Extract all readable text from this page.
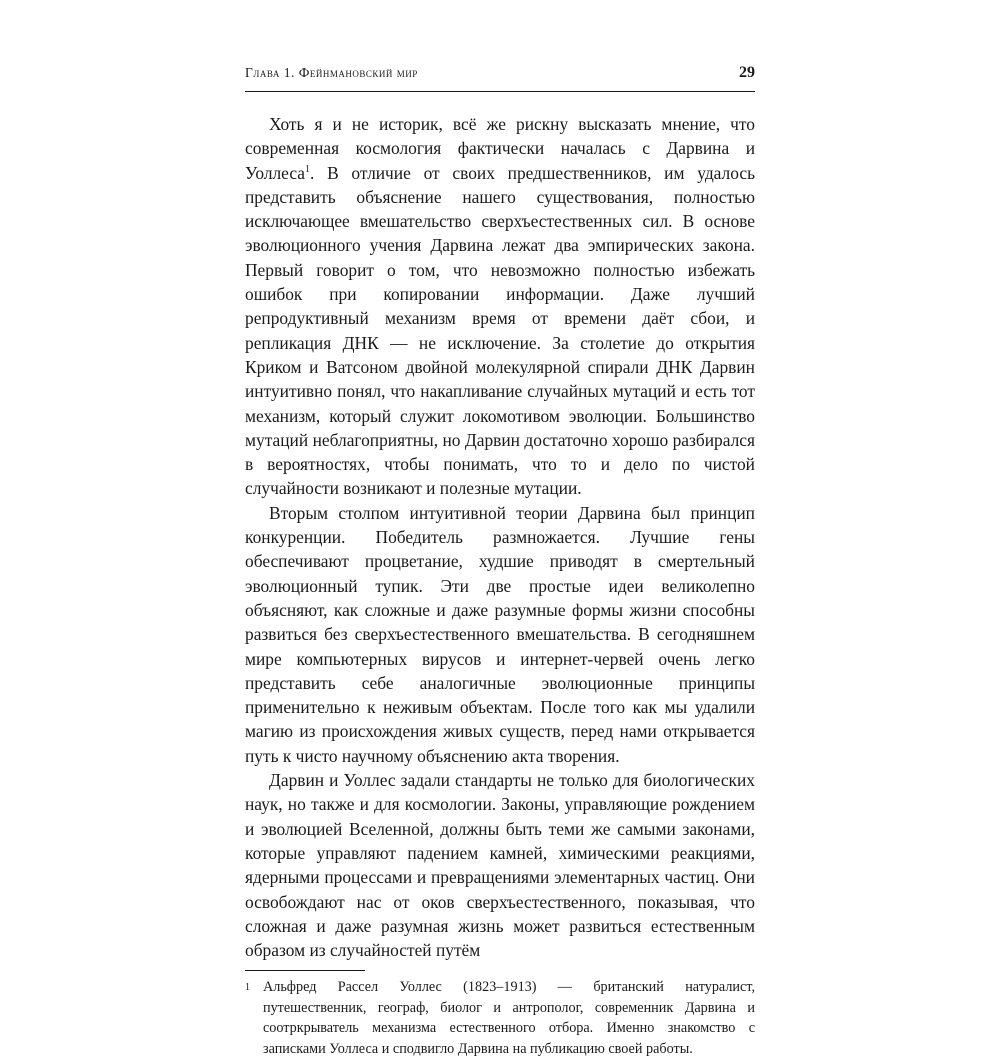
Глава 1. Фейнмановский мир	29

Хоть я и не историк, всё же рискну высказать мнение, что современная космология фактически началась с Дарвина и Уоллеса$^1$. В отличие от своих предшественников, им удалось представить объяснение нашего существования, полностью исключающее вмешательство сверхъестественных сил. В основе эволюционного учения Дарвина лежат два эмпирических закона. Первый говорит о том, что невозможно полностью избежать ошибок при копировании информации. Даже лучший репродуктивный механизм время от времени даёт сбои, и репликация ДНК — не исключение. За столетие до открытия Криком и Ватсоном двойной молекулярной спирали ДНК Дарвин интуитивно понял, что накапливание случайных мутаций и есть тот механизм, который служит локомотивом эволюции. Большинство мутаций неблагоприятны, но Дарвин достаточно хорошо разбирался в вероятностях, чтобы понимать, что то и дело по чистой случайности возникают и полезные мутации.

Вторым столпом интуитивной теории Дарвина был принцип конкуренции. Победитель размножается. Лучшие гены обеспечивают процветание, худшие приводят в смертельный эволюционный тупик. Эти две простые идеи великолепно объясняют, как сложные и даже разумные формы жизни способны развиться без сверхъестественного вмешательства. В сегодняшнем мире компьютерных вирусов и интернет-червей очень легко представить себе аналогичные эволюционные принципы применительно к неживым объектам. После того как мы удалили магию из происхождения живых существ, перед нами открывается путь к чисто научному объяснению акта творения.

Дарвин и Уоллес задали стандарты не только для биологических наук, но также и для космологии. Законы, управляющие рождением и эволюцией Вселенной, должны быть теми же самыми законами, которые управляют падением камней, химическими реакциями, ядерными процессами и превращениями элементарных частиц. Они освобождают нас от оков сверхъестественного, показывая, что сложная и даже разумная жизнь может развиться естественным образом из случайностей путём

1 Альфред Рассел Уоллес (1823–1913) — британский натуралист, путешественник, географ, биолог и антрополог, современник Дарвина и соотркрыватель механизма естественного отбора. Именно знакомство с записками Уоллеса и сподвигло Дарвина на публикацию своей работы.
